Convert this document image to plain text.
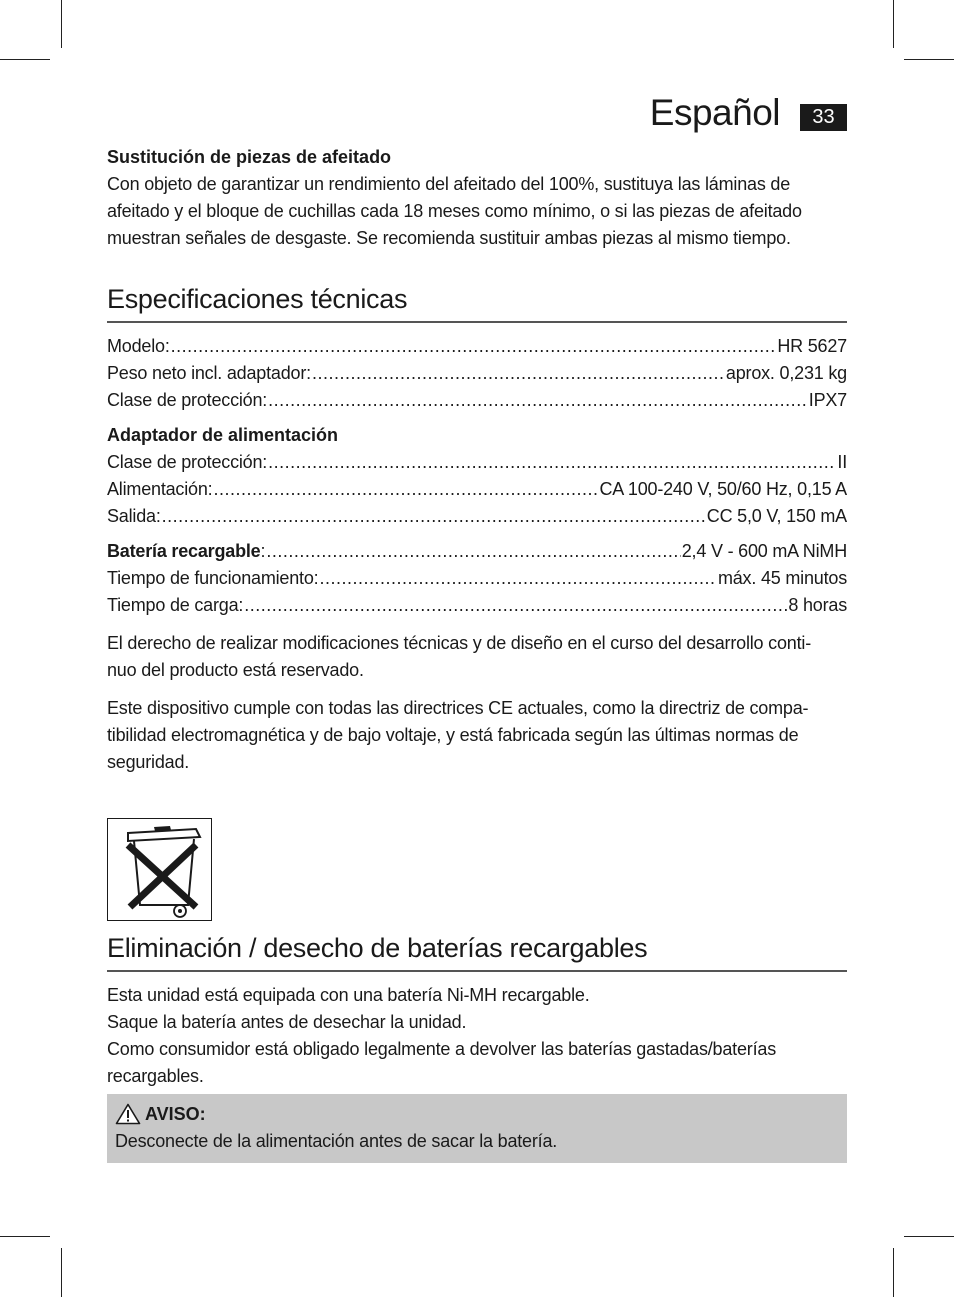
Español	33

Sustitución de piezas de afeitado

Con objeto de garantizar un rendimiento del afeitado del 100%, sustituya las láminas de

afeitado y el bloque de cuchillas cada 18 meses como mínimo, o si las piezas de afeitado

muestran señales de desgaste. Se recomienda sustituir ambas piezas al mismo tiempo.

Especificaciones técnicas
Modelo: .....	HR 5627
Peso neto incl. adaptador: .....	aprox. 0,231 kg
Clase de protección: .....	IPX7

Adaptador de alimentación

Clase de protección: .....	II
Alimentación: .....	CA 100-240 V, 50/60 Hz, 0,15 A
Salida: .....	CC 5,0 V, 150 mA
Batería recargable : .....	2,4 V - 600 mA NiMH
Tiempo de funcionamiento: .....	máx. 45 minutos
Tiempo de carga: .....	8 horas

El derecho de realizar modificaciones técnicas y de diseño en el curso del desarrollo conti-

nuo del producto está reservado.

Este dispositivo cumple con todas las directrices CE actuales, como la directriz de compa-

tibilidad electromagnética y de bajo voltaje, y está fabricada según las últimas normas de

seguridad.

Eliminación / desecho de baterías recargables

Esta unidad está equipada con una batería Ni-MH recargable.

Saque la batería antes de desechar la unidad.

Como consumidor está obligado legalmente a devolver las baterías gastadas/baterías

recargables.

AVISO:

Desconecte de la alimentación antes de sacar la batería.
